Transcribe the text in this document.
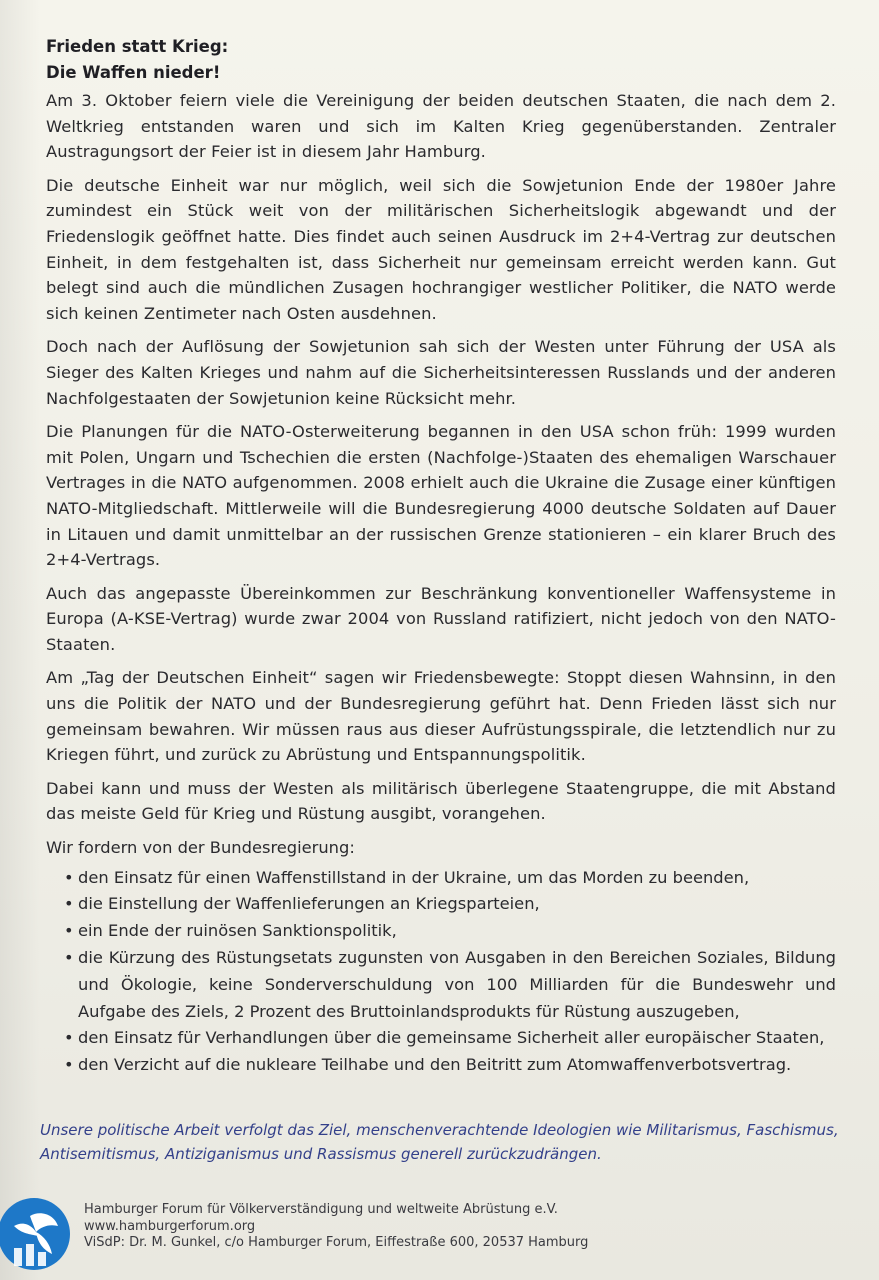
Frieden statt Krieg:
Die Waffen nieder!

Am 3. Oktober feiern viele die Vereinigung der beiden deutschen Staaten, die nach dem 2. Weltkrieg entstanden waren und sich im Kalten Krieg gegenüberstanden. Zentraler Austragungsort der Feier ist in diesem Jahr Hamburg.

Die deutsche Einheit war nur möglich, weil sich die Sowjetunion Ende der 1980er Jahre zumindest ein Stück weit von der militärischen Sicherheitslogik abgewandt und der Friedenslogik geöffnet hatte. Dies findet auch seinen Ausdruck im 2+4-Vertrag zur deutschen Einheit, in dem festgehalten ist, dass Sicherheit nur gemeinsam erreicht werden kann. Gut belegt sind auch die mündlichen Zusagen hochrangiger westlicher Politiker, die NATO werde sich keinen Zentimeter nach Osten ausdehnen.

Doch nach der Auflösung der Sowjetunion sah sich der Westen unter Führung der USA als Sieger des Kalten Krieges und nahm auf die Sicherheitsinteressen Russlands und der anderen Nachfolgestaaten der Sowjetunion keine Rücksicht mehr.

Die Planungen für die NATO-Osterweiterung begannen in den USA schon früh: 1999 wurden mit Polen, Ungarn und Tschechien die ersten (Nachfolge-)Staaten des ehemaligen Warschauer Vertrages in die NATO aufgenommen. 2008 erhielt auch die Ukraine die Zusage einer künftigen NATO-Mitgliedschaft. Mittlerweile will die Bundesregierung 4000 deutsche Soldaten auf Dauer in Litauen und damit unmittelbar an der russischen Grenze stationieren – ein klarer Bruch des 2+4-Vertrags.

Auch das angepasste Übereinkommen zur Beschränkung konventioneller Waffensysteme in Europa (A-KSE-Vertrag) wurde zwar 2004 von Russland ratifiziert, nicht jedoch von den NATO-Staaten.

Am „Tag der Deutschen Einheit“ sagen wir Friedensbewegte: Stoppt diesen Wahnsinn, in den uns die Politik der NATO und der Bundesregierung geführt hat. Denn Frieden lässt sich nur gemeinsam bewahren. Wir müssen raus aus dieser Aufrüstungsspirale, die letztendlich nur zu Kriegen führt, und zurück zu Abrüstung und Entspannungspolitik.

Dabei kann und muss der Westen als militärisch überlegene Staatengruppe, die mit Abstand das meiste Geld für Krieg und Rüstung ausgibt, vorangehen.

Wir fordern von der Bundesregierung:

• den Einsatz für einen Waffenstillstand in der Ukraine, um das Morden zu beenden,
• die Einstellung der Waffenlieferungen an Kriegsparteien,
• ein Ende der ruinösen Sanktionspolitik,
• die Kürzung des Rüstungsetats zugunsten von Ausgaben in den Bereichen Soziales, Bildung und Ökologie, keine Sonderverschuldung von 100 Milliarden für die Bundeswehr und Aufgabe des Ziels, 2 Prozent des Bruttoinlandsprodukts für Rüstung auszugeben,
• den Einsatz für Verhandlungen über die gemeinsame Sicherheit aller europäischer Staaten,
• den Verzicht auf die nukleare Teilhabe und den Beitritt zum Atomwaffenverbotsvertrag.

Unsere politische Arbeit verfolgt das Ziel, menschenverachtende Ideologien wie Militarismus, Faschismus, Antisemitismus, Antiziganismus und Rassismus generell zurückzudrängen.

Hamburger Forum für Völkerverständigung und weltweite Abrüstung e.V.
www.hamburgerforum.org
ViSdP: Dr. M. Gunkel, c/o Hamburger Forum, Eiffestraße 600, 20537 Hamburg
